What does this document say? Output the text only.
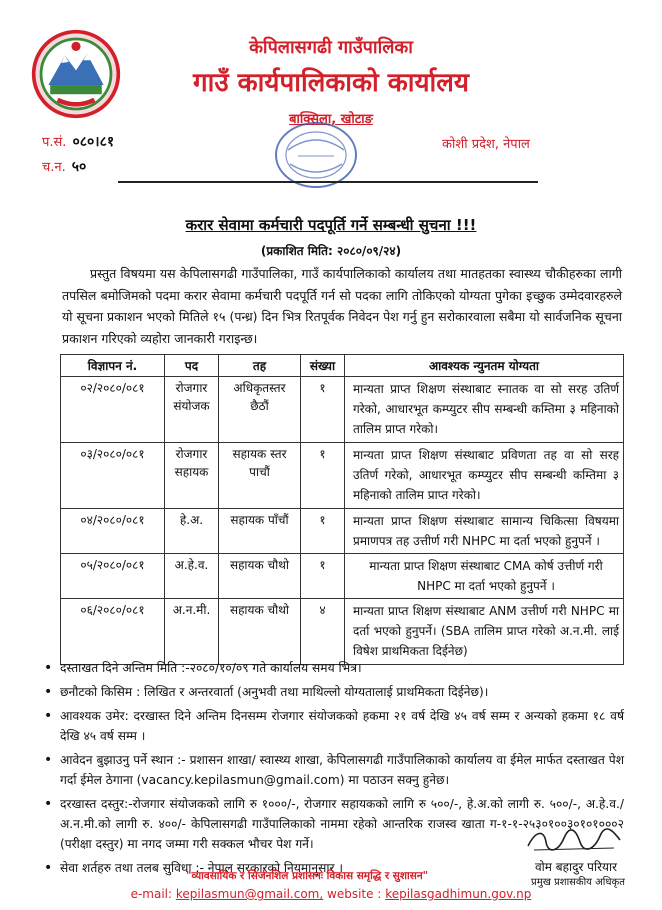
केपिलासगढी गाउँपालिका
गाउँ कार्यपालिकाको कार्यालय
बाक्सिला, खोटाङ
प.सं. ०८०।८१
च.न. ५०
कोशी प्रदेश, नेपाल
करार सेवामा कर्मचारी पदपूर्ति गर्ने सम्बन्धी सुचना !!!
(प्रकाशित मिति: २०८०/०९/२४)
प्रस्तुत विषयमा यस केपिलासगढी गाउँपालिका, गाउँ कार्यपालिकाको कार्यालय तथा मातहतका स्वास्थ्य चौकीहरुका लागी तपसिल बमोजिमको पदमा करार सेवामा कर्मचारी पदपूर्ति गर्न सो पदका लागि तोकिएको योग्यता पुगेका इच्छुक उम्मेदवारहरुले यो सूचना प्रकाशन भएको मितिले १५ (पन्ध्र) दिन भित्र रितपूर्वक निवेदन पेश गर्नु हुन सरोकारवाला सबैमा यो सार्वजनिक सूचना प्रकाशन गरिएको व्यहोरा जानकारी गराइन्छ।
विज्ञापन नं.	पद	तह	संख्या	आवश्यक न्युनतम योग्यता
०२/२०८०/०८१	रोजगार संयोजक	अधिकृतस्तर छैठौं	१	मान्यता प्राप्त शिक्षण संस्थाबाट स्नातक वा सो सरह उतिर्ण गरेको, आधारभूत कम्प्युटर सीप सम्बन्धी कम्तिमा ३ महिनाको तालिम प्राप्त गरेको।
०३/२०८०/०८१	रोजगार सहायक	सहायक स्तर पाचौं	१	मान्यता प्राप्त शिक्षण संस्थाबाट प्रविणता तह वा सो सरह उतिर्ण गरेको, आधारभूत कम्प्युटर सीप सम्बन्धी कम्तिमा ३ महिनाको तालिम प्राप्त गरेको।
०४/२०८०/०८१	हे.अ.	सहायक पाँचौं	१	मान्यता प्राप्त शिक्षण संस्थाबाट सामान्य चिकित्सा विषयमा प्रमाणपत्र तह उत्तीर्ण गरी NHPC मा दर्ता भएको हुनुपर्ने ।
०५/२०८०/०८१	अ.हे.व.	सहायक चौथो	१	मान्यता प्राप्त शिक्षण संस्थाबाट CMA कोर्ष उत्तीर्ण गरी NHPC मा दर्ता भएको हुनुपर्ने ।
०६/२०८०/०८१	अ.न.मी.	सहायक चौथो	४	मान्यता प्राप्त शिक्षण संस्थाबाट ANM उत्तीर्ण गरी NHPC मा दर्ता भएको हुनुपर्ने। (SBA तालिम प्राप्त गरेको अ.न.मी. लाई विषेश प्राथमिकता दिईनेछ)
• दस्ताखत दिने अन्तिम मिति :-२०८०/१०/०९ गते कार्यालय समय भित्र।
• छनौटको किसिम : लिखित र अन्तरवार्ता (अनुभवी तथा माथिल्लो योग्यतालाई प्राथमिकता दिईनेछ)।
• आवश्यक उमेर: दरखास्त दिने अन्तिम दिनसम्म रोजगार संयोजकको हकमा २१ वर्ष देखि ४५ वर्ष सम्म र अन्यको हकमा १८ वर्ष देखि ४५ वर्ष सम्म ।
• आवेदन बुझाउनु पर्ने स्थान :- प्रशासन शाखा/ स्वास्थ्य शाखा, केपिलासगढी गाउँपालिकाको कार्यालय वा ईमेल मार्फत दस्ताखत पेश गर्दा ईमेल ठेगाना (vacancy.kepilasmun@gmail.com) मा पठाउन सक्नु हुनेछ।
• दरखास्त दस्तुर:-रोजगार संयोजकको लागि रु १०००/-, रोजगार सहायकको लागि रु ५००/-, हे.अ.को लागी रु. ५००/-, अ.हे.व./अ.न.मी.को लागी रु. ४००/- केपिलासगढी गाउँपालिकाको नाममा रहेको आन्तरिक राजस्व खाता ग-१-१-२५३०१००३०१०१०००२ (परीक्षा दस्तुर) मा नगद जम्मा गरी सक्कल भौचर पेश गर्ने।
• सेवा शर्तहरु तथा तलब सुविधा :- नेपाल सरकारको नियमानुसार ।	वोम बहादुर परियार
प्रमुख प्रशासकीय अधिकृत
"व्यावसायिक र सिर्जनशिल प्रशासनः विकास समृद्धि र सुशासन"
e-mail: kepilasmun@gmail.com, website : kepilasgadhimun.gov.np
